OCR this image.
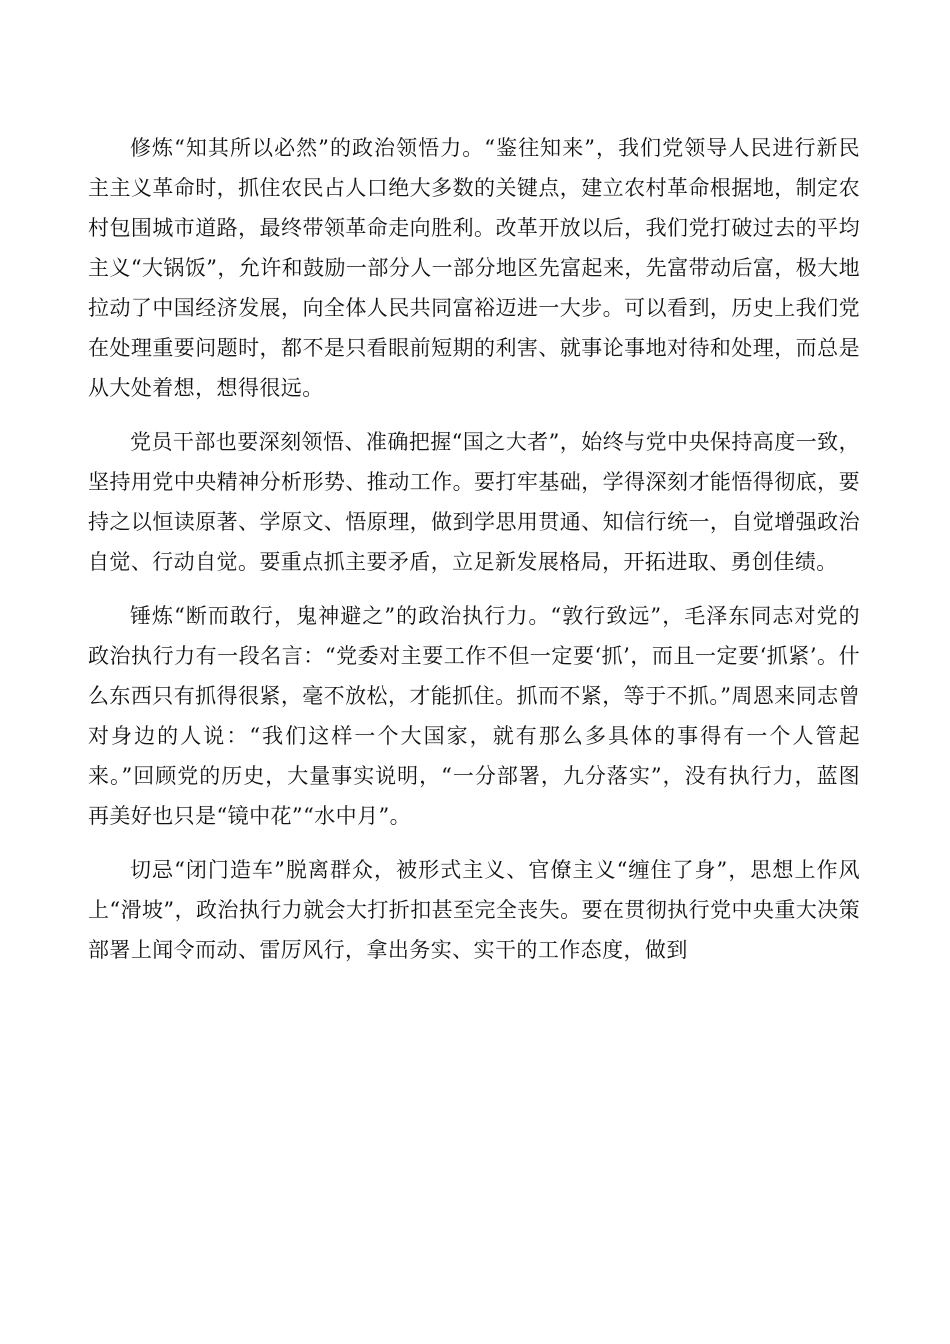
修炼“知其所以必然”的政治领悟力。“鉴往知来”，我们党领导人民进行新民主主义革命时，抓住农民占人口绝大多数的关键点，建立农村革命根据地，制定农村包围城市道路，最终带领革命走向胜利。改革开放以后，我们党打破过去的平均主义“大锅饭”，允许和鼓励一部分人一部分地区先富起来，先富带动后富，极大地拉动了中国经济发展，向全体人民共同富裕迈进一大步。可以看到，历史上我们党在处理重要问题时，都不是只看眼前短期的利害、就事论事地对待和处理，而总是从大处着想，想得很远。

党员干部也要深刻领悟、准确把握“国之大者”，始终与党中央保持高度一致，坚持用党中央精神分析形势、推动工作。要打牢基础，学得深刻才能悟得彻底，要持之以恒读原著、学原文、悟原理，做到学思用贯通、知信行统一，自觉增强政治自觉、行动自觉。要重点抓主要矛盾，立足新发展格局，开拓进取、勇创佳绩。

锤炼“断而敢行，鬼神避之”的政治执行力。“敦行致远”，毛泽东同志对党的政治执行力有一段名言：“党委对主要工作不但一定要‘抓’，而且一定要‘抓紧’。什么东西只有抓得很紧，毫不放松，才能抓住。抓而不紧，等于不抓。”周恩来同志曾对身边的人说：“我们这样一个大国家，就有那么多具体的事得有一个人管起来。”回顾党的历史，大量事实说明，“一分部署，九分落实”，没有执行力，蓝图再美好也只是“镜中花”“水中月”。

切忌“闭门造车”脱离群众，被形式主义、官僚主义“缠住了身”，思想上作风上“滑坡”，政治执行力就会大打折扣甚至完全丧失。要在贯彻执行党中央重大决策部署上闻令而动、雷厉风行，拿出务实、实干的工作态度，做到
